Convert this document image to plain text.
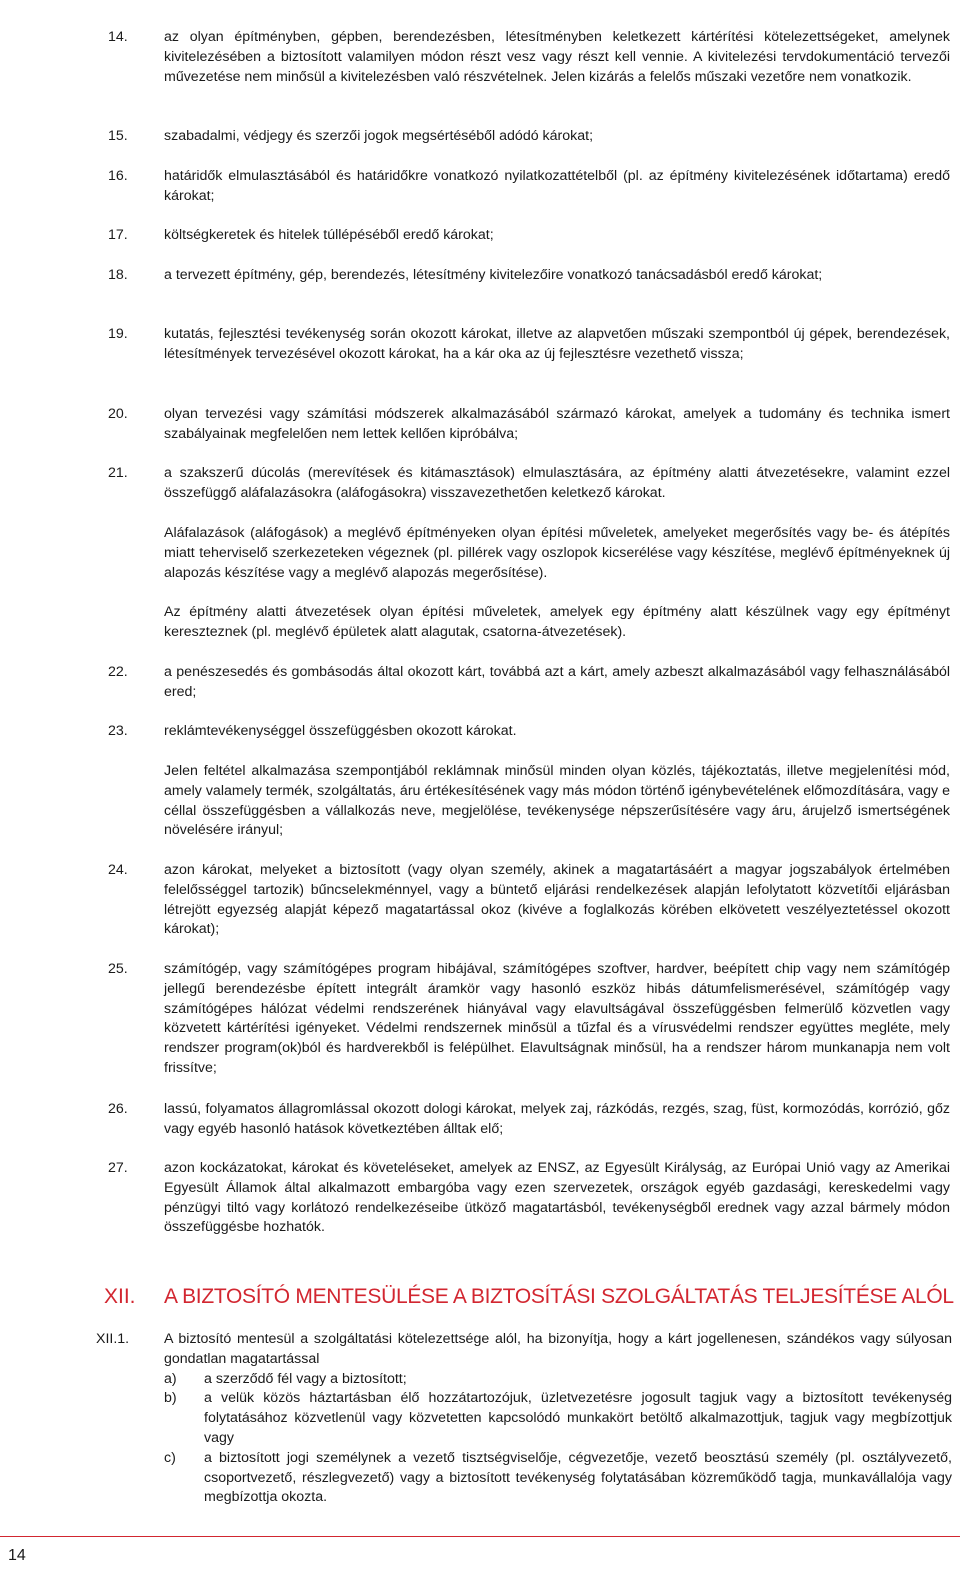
14.	az olyan építményben, gépben, berendezésben, létesítményben keletkezett kártérítési kötelezettségeket, amelynek kivitelezésében a biztosított valamilyen módon részt vesz vagy részt kell vennie. A kivitelezési tervdokumentáció tervezői művezetése nem minősül a kivitelezésben való részvételnek. Jelen kizárás a felelős műszaki vezetőre nem vonatkozik.
15.	szabadalmi, védjegy és szerzői jogok megsértéséből adódó károkat;
16.	határidők elmulasztásából és határidőkre vonatkozó nyilatkozattételből (pl. az építmény kivitelezésének időtartama) eredő károkat;
17.	költségkeretek és hitelek túllépéséből eredő károkat;
18.	a tervezett építmény, gép, berendezés, létesítmény kivitelezőire vonatkozó tanácsadásból eredő károkat;
19.	kutatás, fejlesztési tevékenység során okozott károkat, illetve az alapvetően műszaki szempontból új gépek, berendezések, létesítmények tervezésével okozott károkat, ha a kár oka az új fejlesztésre vezethető vissza;
20.	olyan tervezési vagy számítási módszerek alkalmazásából származó károkat, amelyek a tudomány és technika ismert szabályainak megfelelően nem lettek kellően kipróbálva;
21.	a szakszerű dúcolás (merevítések és kitámasztások) elmulasztására, az építmény alatti átvezetésekre, valamint ezzel összefüggő aláfalazásokra (aláfogásokra) visszavezethetően keletkező károkat.
Aláfalazások (aláfogások) a meglévő építményeken olyan építési műveletek, amelyeket megerősítés vagy be- és átépítés miatt teherviselő szerkezeteken végeznek (pl. pillérek vagy oszlopok kicserélése vagy készítése, meglévő építményeknek új alapozás készítése vagy a meglévő alapozás megerősítése).
Az építmény alatti átvezetések olyan építési műveletek, amelyek egy építmény alatt készülnek vagy egy építményt kereszteznek (pl. meglévő épületek alatt alagutak, csatorna-átvezetések).
22.	a penészesedés és gombásodás által okozott kárt, továbbá azt a kárt, amely azbeszt alkalmazásából vagy felhasználásából ered;
23.	reklámtevékenységgel összefüggésben okozott károkat.
Jelen feltétel alkalmazása szempontjából reklámnak minősül minden olyan közlés, tájékoztatás, illetve megjelenítési mód, amely valamely termék, szolgáltatás, áru értékesítésének vagy más módon történő igénybevételének előmozdítására, vagy e céllal összefüggésben a vállalkozás neve, megjelölése, tevékenysége népszerűsítésére vagy áru, árujelző ismertségének növelésére irányul;
24.	azon károkat, melyeket a biztosított (vagy olyan személy, akinek a magatartásáért a magyar jogszabályok értelmében felelősséggel tartozik) bűncselekménnyel, vagy a büntető eljárási rendelkezések alapján lefolytatott közvetítői eljárásban létrejött egyezség alapját képező magatartással okoz (kivéve a foglalkozás körében elkövetett veszélyeztetéssel okozott károkat);
25.	számítógép, vagy számítógépes program hibájával, számítógépes szoftver, hardver, beépített chip vagy nem számítógép jellegű berendezésbe épített integrált áramkör vagy hasonló eszköz hibás dátumfelismerésével, számítógép vagy számítógépes hálózat védelmi rendszerének hiányával vagy elavultságával összefüggésben felmerülő közvetlen vagy közvetett kártérítési igényeket. Védelmi rendszernek minősül a tűzfal és a vírusvédelmi rendszer együttes megléte, mely rendszer program(ok)ból és hardverekből is felépülhet. Elavultságnak minősül, ha a rendszer három munkanapja nem volt frissítve;
26.	lassú, folyamatos állagromlással okozott dologi károkat, melyek zaj, rázkódás, rezgés, szag, füst, kormozódás, korrózió, gőz vagy egyéb hasonló hatások következtében álltak elő;
27.	azon kockázatokat, károkat és követeléseket, amelyek az ENSZ, az Egyesült Királyság, az Európai Unió vagy az Amerikai Egyesült Államok által alkalmazott embargóba vagy ezen szervezetek, országok egyéb gazdasági, kereskedelmi vagy pénzügyi tiltó vagy korlátozó rendelkezéseibe ütköző magatartásból, tevékenységből erednek vagy azzal bármely módon összefüggésbe hozhatók.
XII. A BIZTOSÍTÓ MENTESÜLÉSE A BIZTOSÍTÁSI SZOLGÁLTATÁS TELJESÍTÉSE ALÓL
XII.1.	A biztosító mentesül a szolgáltatási kötelezettsége alól, ha bizonyítja, hogy a kárt jogellenesen, szándékos vagy súlyosan gondatlan magatartással
a)	a szerződő fél vagy a biztosított;
b)	a velük közös háztartásban élő hozzátartozójuk, üzletvezetésre jogosult tagjuk vagy a biztosított tevékenység folytatásához közvetlenül vagy közvetetten kapcsolódó munkakört betöltő alkalmazottjuk, tagjuk vagy megbízottjuk vagy
c)	a biztosított jogi személynek a vezető tisztségviselője, cégvezetője, vezető beosztású személy (pl. osztályvezető, csoportvezető, részlegvezető) vagy a biztosított tevékenység folytatásában közreműködő tagja, munkavállalója vagy megbízottja okozta.
14
